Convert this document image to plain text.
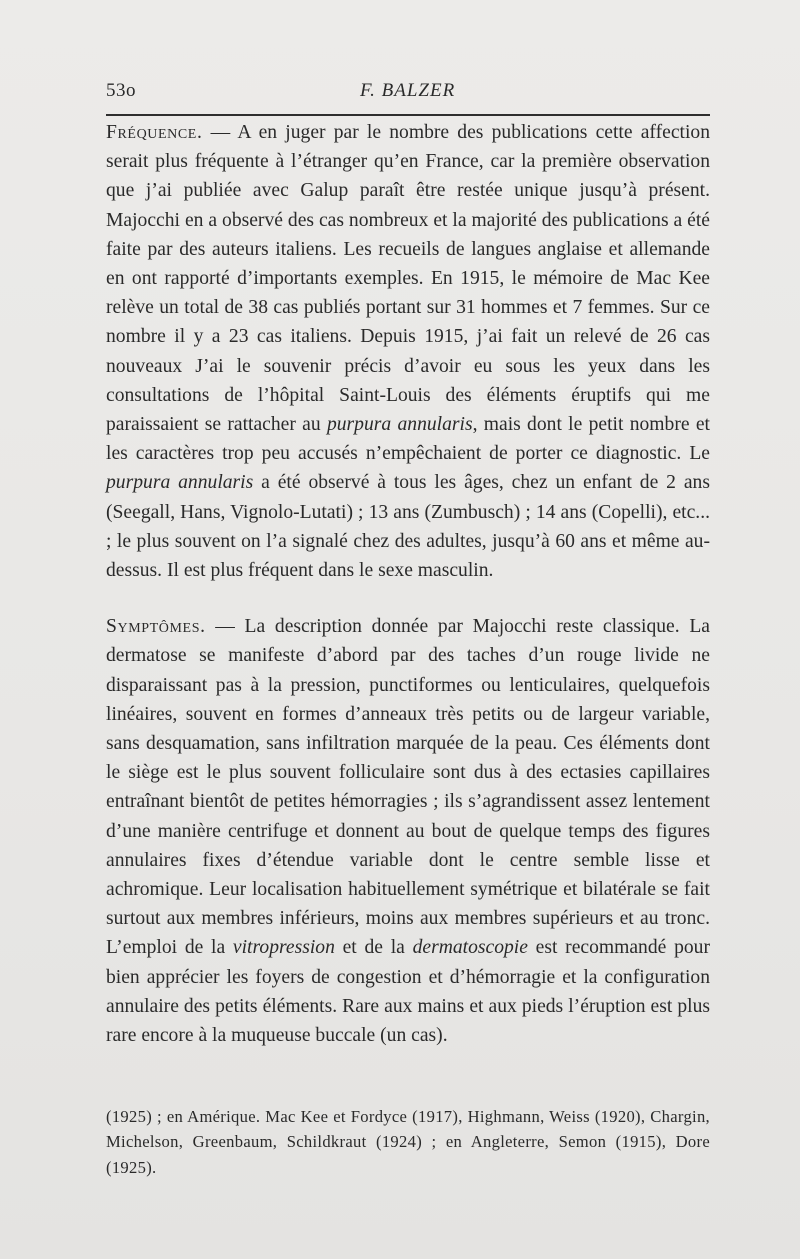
53o	F. BALZER

Fréquence. — A en juger par le nombre des publications cette affection serait plus fréquente à l’étranger qu’en France, car la première observation que j’ai publiée avec Galup paraît être restée unique jusqu’à présent. Majocchi en a observé des cas nombreux et la majorité des publications a été faite par des auteurs italiens. Les recueils de langues anglaise et allemande en ont rapporté d’importants exemples. En 1915, le mémoire de Mac Kee relève un total de 38 cas publiés portant sur 31 hommes et 7 femmes. Sur ce nombre il y a 23 cas italiens. Depuis 1915, j’ai fait un relevé de 26 cas nouveaux J’ai le souvenir précis d’avoir eu sous les yeux dans les consultations de l’hôpital Saint-Louis des éléments éruptifs qui me paraissaient se rattacher au purpura annularis, mais dont le petit nombre et les caractères trop peu accusés n’empêchaient de porter ce diagnostic. Le purpura annularis a été observé à tous les âges, chez un enfant de 2 ans (Seegall, Hans, Vignolo-Lutati) ; 13 ans (Zumbusch) ; 14 ans (Copelli), etc... ; le plus souvent on l’a signalé chez des adultes, jusqu’à 60 ans et même au-dessus. Il est plus fréquent dans le sexe masculin.

Symptômes. — La description donnée par Majocchi reste classique. La dermatose se manifeste d’abord par des taches d’un rouge livide ne disparaissant pas à la pression, punctiformes ou lenticulaires, quelquefois linéaires, souvent en formes d’anneaux très petits ou de largeur variable, sans desquamation, sans infiltration marquée de la peau. Ces éléments dont le siège est le plus souvent folliculaire sont dus à des ectasies capillaires entraînant bientôt de petites hémorragies ; ils s’agrandissent assez lentement d’une manière centrifuge et donnent au bout de quelque temps des figures annulaires fixes d’étendue variable dont le centre semble lisse et achromique. Leur localisation habituellement symétrique et bilatérale se fait surtout aux membres inférieurs, moins aux membres supérieurs et au tronc. L’emploi de la vitropression et de la dermatoscopie est recommandé pour bien apprécier les foyers de congestion et d’hémorragie et la configuration annulaire des petits éléments. Rare aux mains et aux pieds l’éruption est plus rare encore à la muqueuse buccale (un cas).

(1925) ; en Amérique. Mac Kee et Fordyce (1917), Highmann, Weiss (1920), Chargin, Michelson, Greenbaum, Schildkraut (1924) ; en Angleterre, Semon (1915), Dore (1925).
